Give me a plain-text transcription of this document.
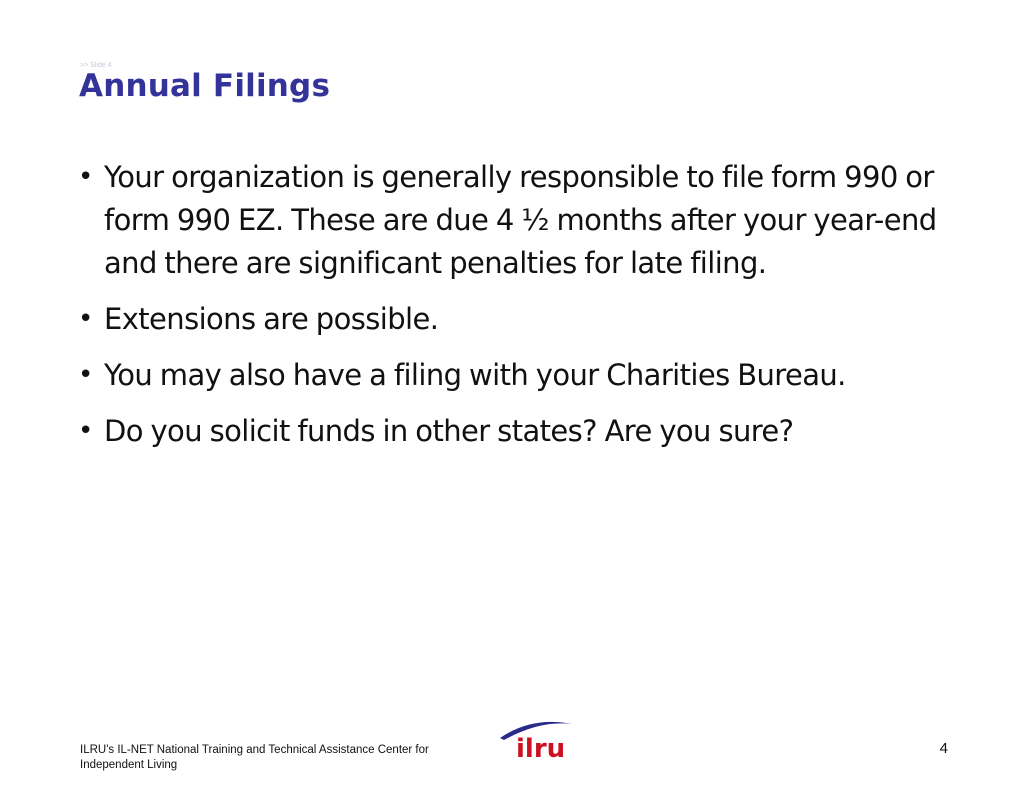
>> Slide 4
Annual Filings
• Your organization is generally responsible to file form 990 or form 990 EZ. These are due 4 ½ months after your year-end and there are significant penalties for late filing.
• Extensions are possible.
• You may also have a filing with your Charities Bureau.
• Do you solicit funds in other states? Are you sure?
ILRU's IL-NET National Training and Technical Assistance Center for
Independent Living
ilru	4
